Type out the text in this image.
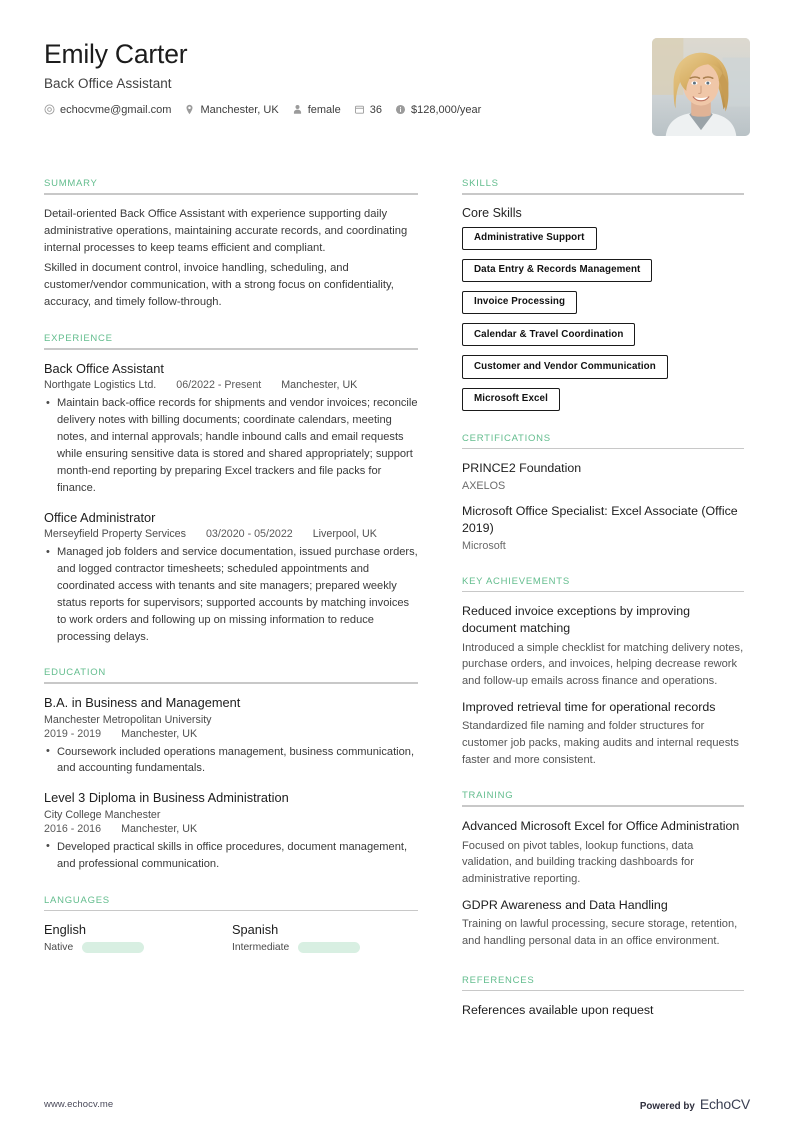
Emily Carter
Back Office Assistant
echocvme@gmail.com	Manchester, UK	female	36	$128,000/year
SUMMARY

Detail-oriented Back Office Assistant with experience supporting daily administrative operations, maintaining accurate records, and coordinating internal processes to keep teams efficient and compliant.

Skilled in document control, invoice handling, scheduling, and customer/vendor communication, with a strong focus on confidentiality, accuracy, and timely follow-through.

EXPERIENCE
Back Office Assistant
Northgate Logistics Ltd. 06/2022 - Present Manchester, UK
• Maintain back-office records for shipments and vendor invoices; reconcile delivery notes with billing documents; coordinate calendars, meeting notes, and internal approvals; handle inbound calls and email requests while ensuring sensitive data is stored and shared appropriately; support month-end reporting by preparing Excel trackers and file packs for finance.
Office Administrator
Merseyfield Property Services 03/2020 - 05/2022 Liverpool, UK
• Managed job folders and service documentation, issued purchase orders, and logged contractor timesheets; scheduled appointments and coordinated access with tenants and site managers; prepared weekly status reports for supervisors; supported accounts by matching invoices to work orders and following up on missing information to reduce processing delays.
EDUCATION
B.A. in Business and Management
Manchester Metropolitan University
2019 - 2019 Manchester, UK
• Coursework included operations management, business communication, and accounting fundamentals.
Level 3 Diploma in Business Administration
City College Manchester
2016 - 2016 Manchester, UK
• Developed practical skills in office procedures, document management, and professional communication.
LANGUAGES
English
Native
Spanish
Intermediate
SKILLS
Core Skills
Administrative Support
Data Entry & Records Management
Invoice Processing
Calendar & Travel Coordination
Customer and Vendor Communication
Microsoft Excel
CERTIFICATIONS
PRINCE2 Foundation
AXELOS
Microsoft Office Specialist: Excel Associate (Office 2019)
Microsoft
KEY ACHIEVEMENTS
Reduced invoice exceptions by improving document matching
Introduced a simple checklist for matching delivery notes, purchase orders, and invoices, helping decrease rework and follow-up emails across finance and operations.
Improved retrieval time for operational records
Standardized file naming and folder structures for customer job packs, making audits and internal requests faster and more consistent.
TRAINING
Advanced Microsoft Excel for Office Administration
Focused on pivot tables, lookup functions, data validation, and building tracking dashboards for administrative reporting.
GDPR Awareness and Data Handling
Training on lawful processing, secure storage, retention, and handling personal data in an office environment.
REFERENCES
References available upon request
www.echocv.me	Powered by EchoCV
